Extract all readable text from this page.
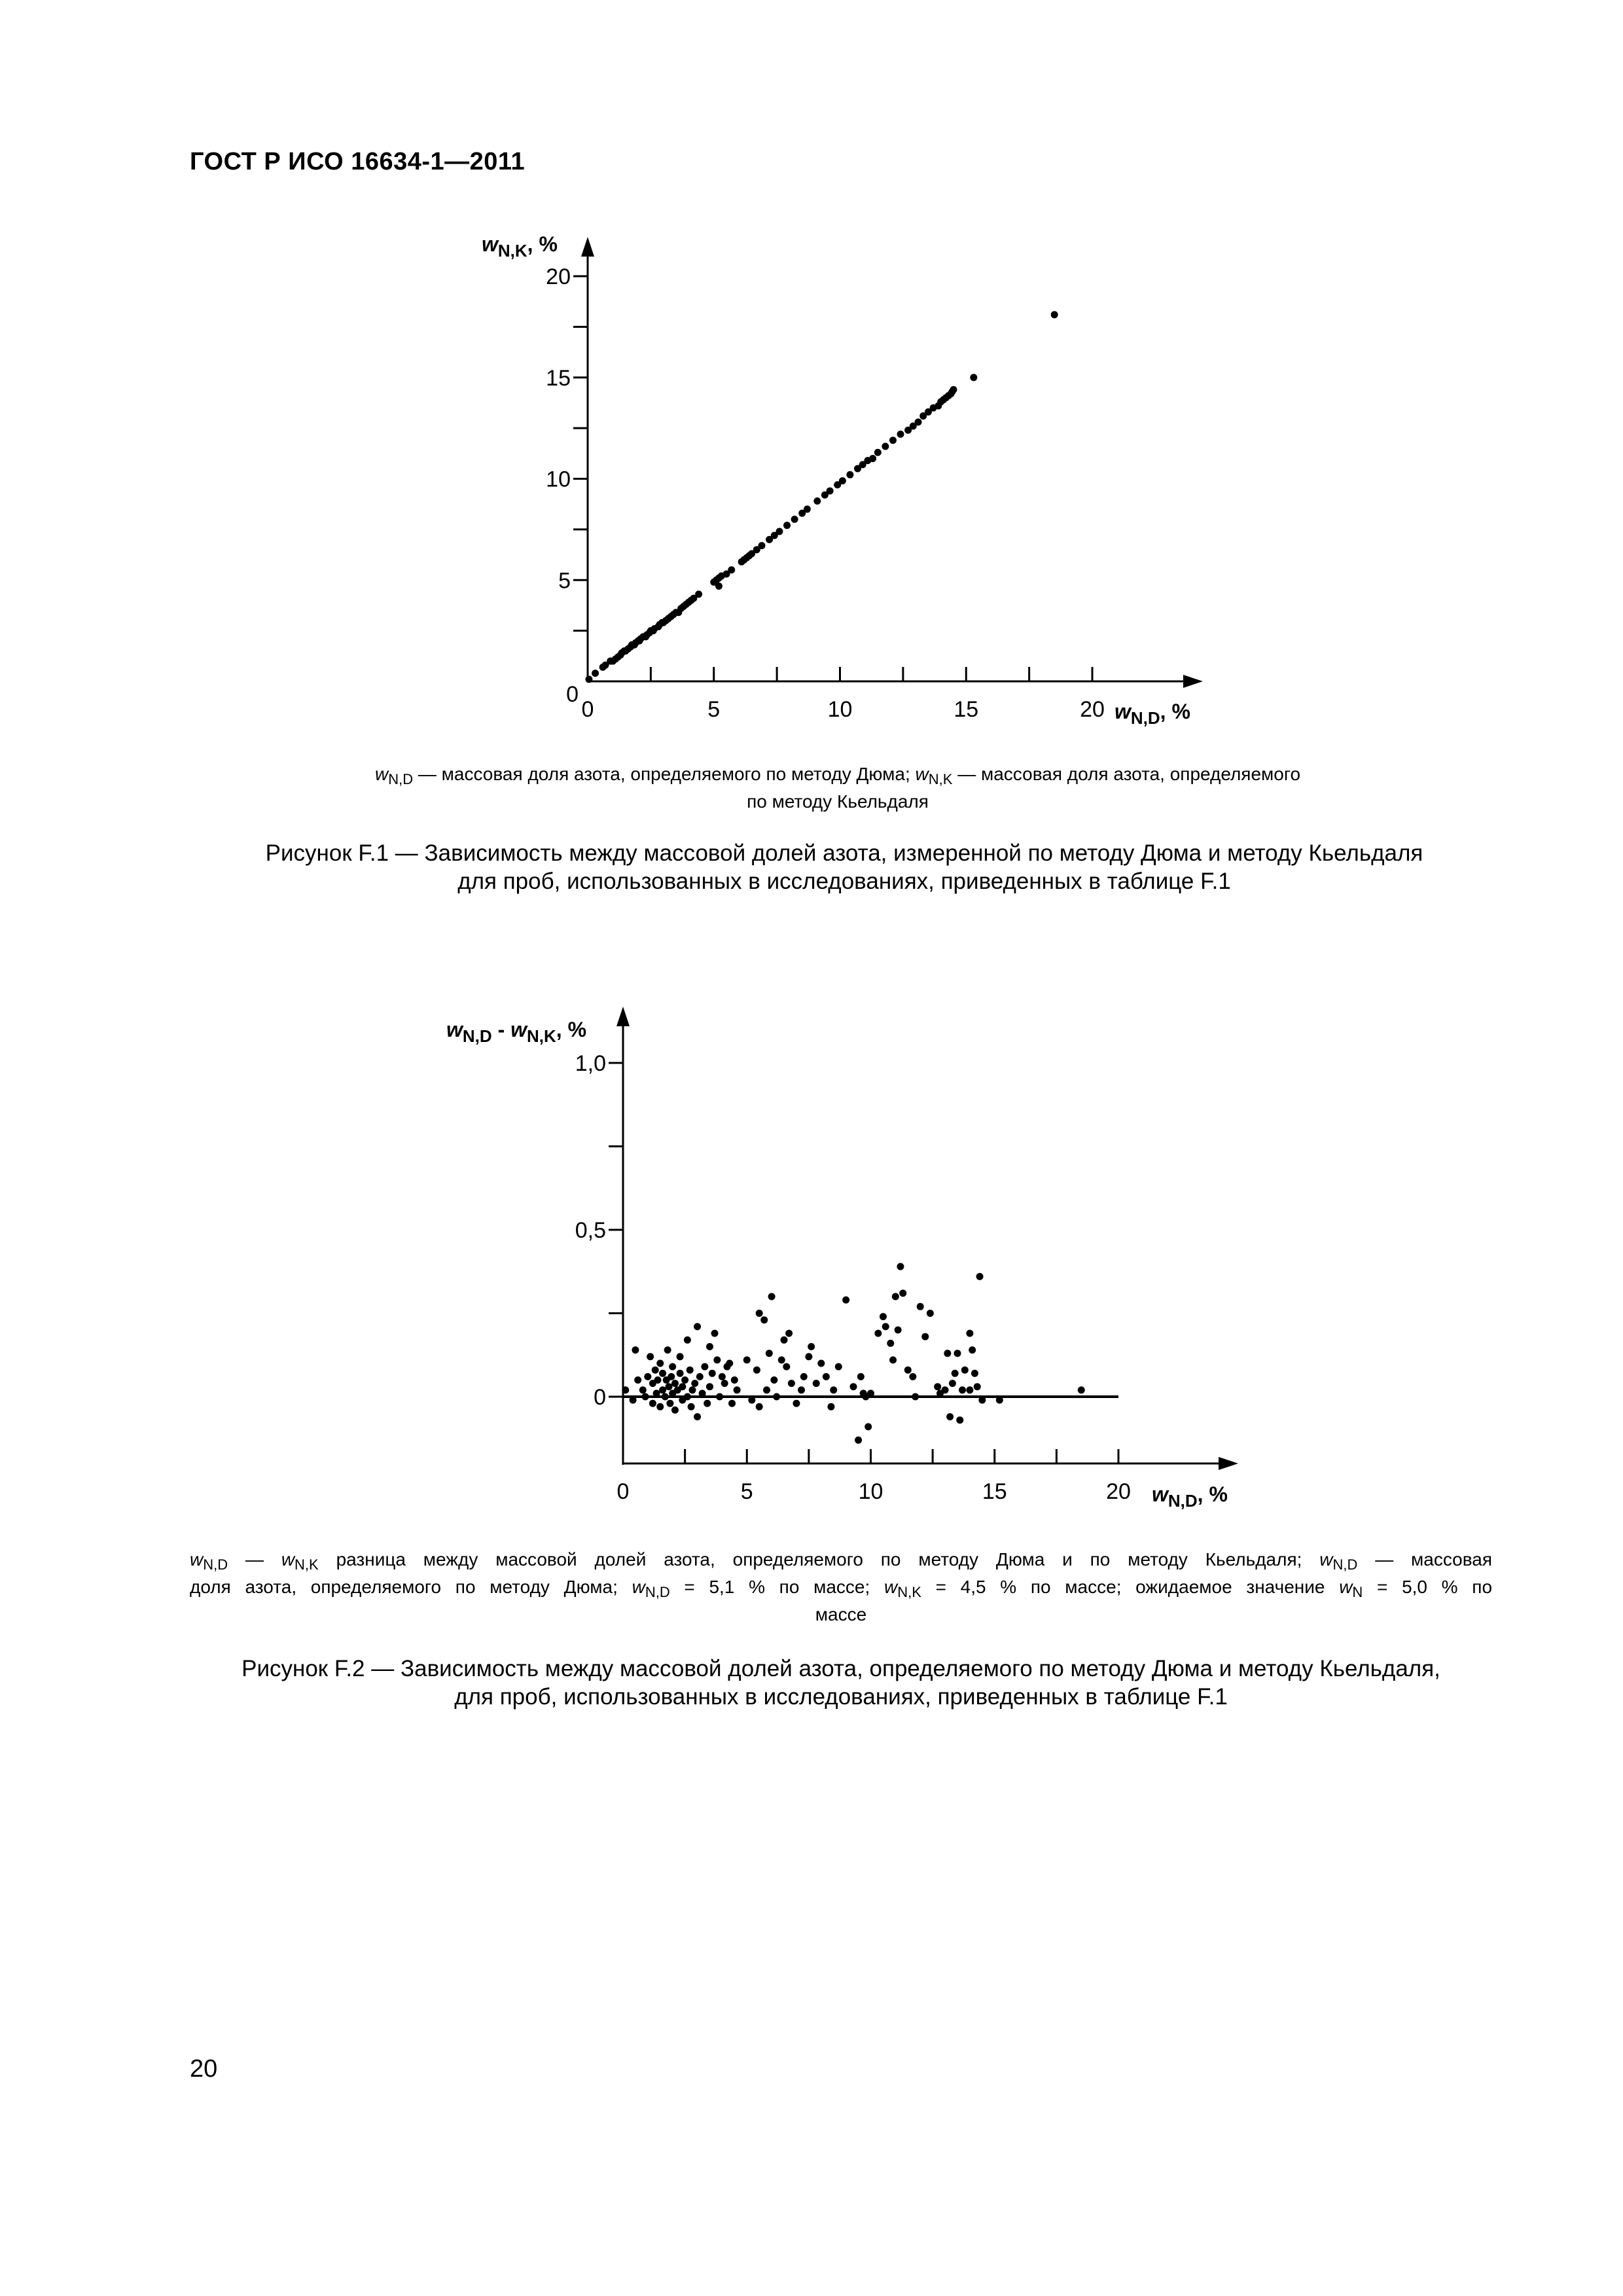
ГОСТ Р ИСО 16634-1—2011
0	5	10	15	20
5
10
15
20
0
$w_{N,K}$, %
$w_{N,D}$, %
0	5	10	15	20
0
0,5
1,0
$w_{N,D} - w_{N,K}$, %
$w_{N,D}$, %
$w_{N,D}$ — массовая доля азота, определяемого по методу Дюма; $w_{N,K}$ — массовая доля азота, определяемого
по методу Кьельдаля
Рисунок F.1 — Зависимость между массовой долей азота, измеренной по методу Дюма и методу Кьельдаля
для проб, использованных в исследованиях, приведенных в таблице F.1
$w_{N,D}$ — $w_{N,K}$ разница между массовой долей азота, определяемого по методу Дюма и по методу Кьельдаля; $w_{N,D}$ — массовая
доля азота, определяемого по методу Дюма; $w_{N,D} = 5,1$ % по массе; $w_{N,K} = 4,5$ % по массе; ожидаемое значение $w_N = 5,0$ % по
массе
Рисунок F.2 — Зависимость между массовой долей азота, определяемого по методу Дюма и методу Кьельдаля,
для проб, использованных в исследованиях, приведенных в таблице F.1
20
